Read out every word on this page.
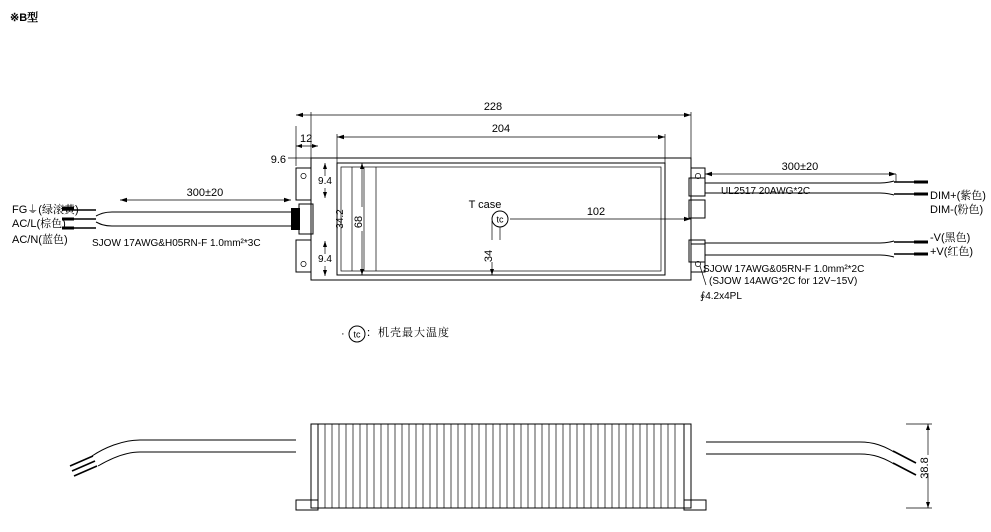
※B型
228
204
12
9.6
9.4
9.4
34.2 68
34
102
T case
tc
300±20
300±20
38.8
tc
FG⏚(绿滚黄)
AC/L(棕色)
AC/N(蓝色) SJOW 17AWG&H05RN-F 1.0mm²*3C
UL2517 20AWG*2C	DIM+(紫色)
DIM-(粉色)
-V(黑色)
+V(红色)
SJOW 17AWG&05RN-F 1.0mm²*2C
(SJOW 14AWG*2C for 12V~15V)
∮4.2x4PL
· ：机壳最大温度
